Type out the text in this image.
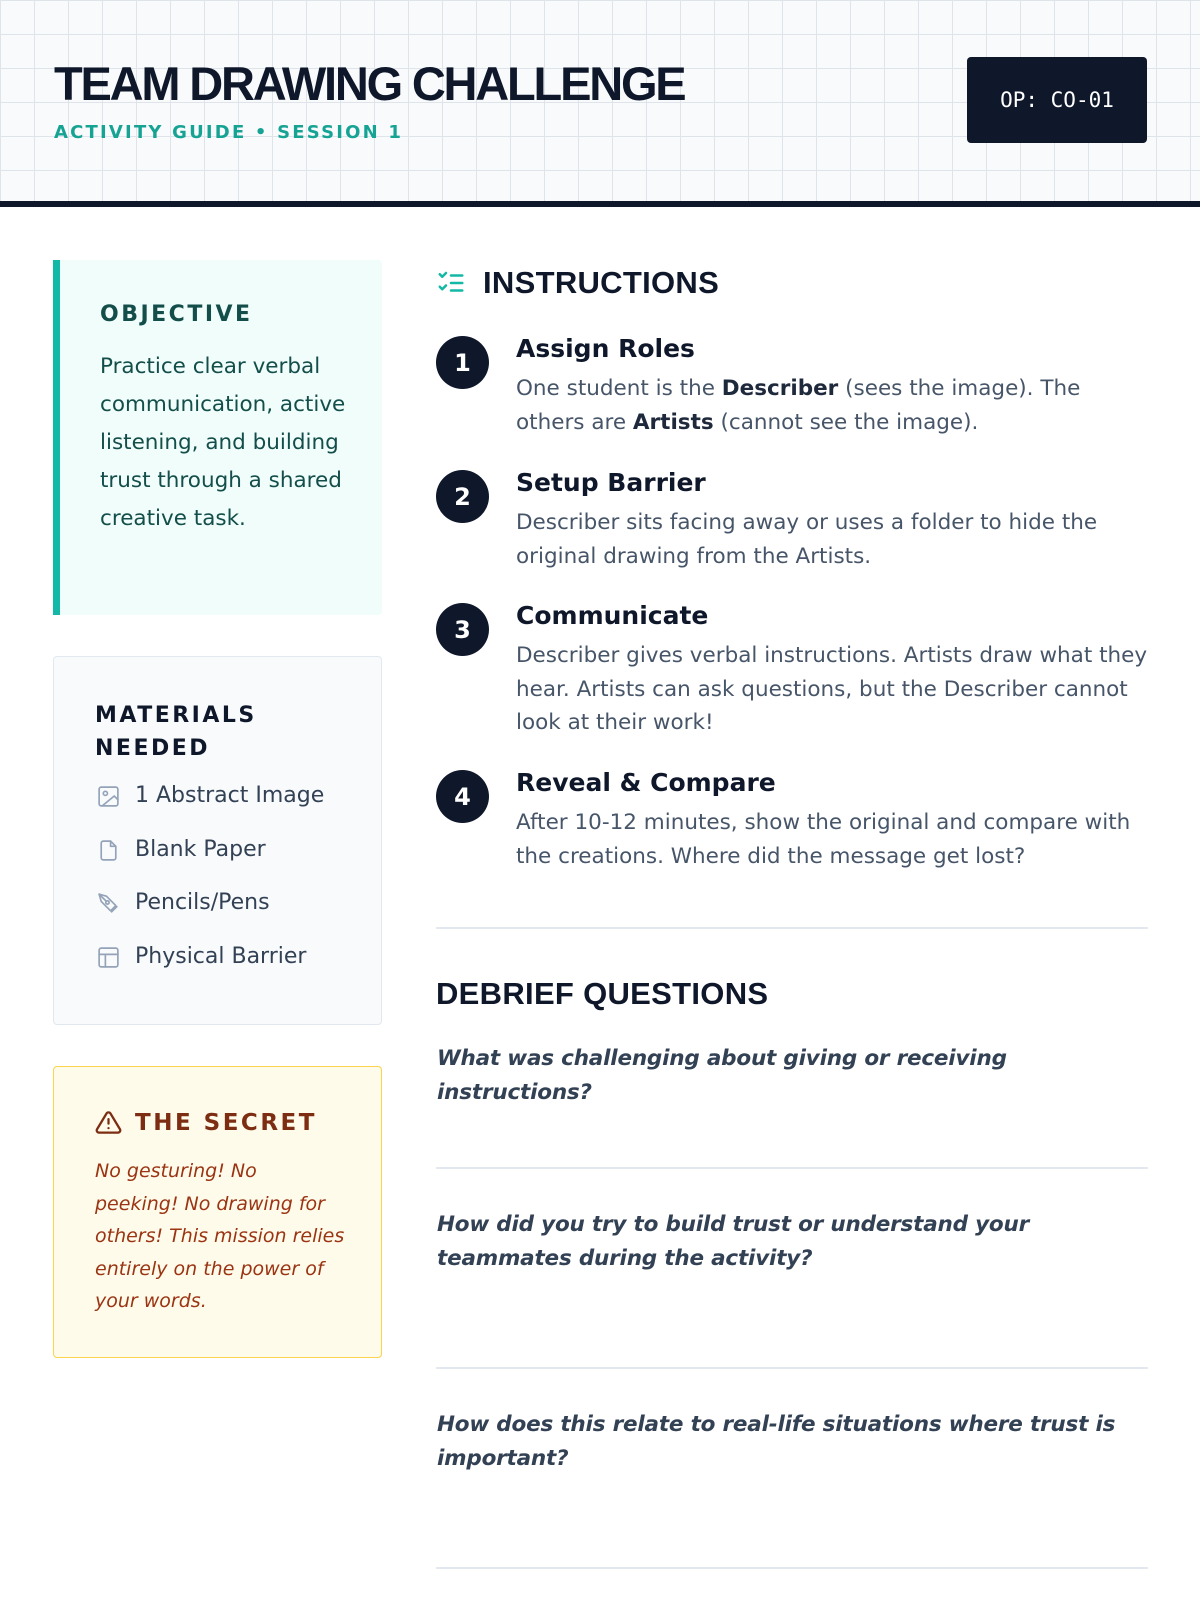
TEAM DRAWING CHALLENGE
ACTIVITY GUIDE • SESSION 1
OP: CO-01
OBJECTIVE

Practice clear verbal communication, active listening, and building trust through a shared creative task.

MATERIALS NEEDED
1 Abstract Image
Blank Paper
Pencils/Pens
Physical Barrier
THE SECRET

No gesturing! No peeking! No drawing for others! This mission relies entirely on the power of your words.

INSTRUCTIONS
1	Assign Roles
One student is the Describer (sees the image). The others are Artists (cannot see the image).
2	Setup Barrier
Describer sits facing away or uses a folder to hide the original drawing from the Artists.
3	Communicate
Describer gives verbal instructions. Artists draw what they hear. Artists can ask questions, but the Describer cannot look at their work!
4	Reveal & Compare
After 10-12 minutes, show the original and compare with the creations. Where did the message get lost?
DEBRIEF QUESTIONS
What was challenging about giving or receiving instructions?
How did you try to build trust or understand your teammates during the activity?
How does this relate to real-life situations where trust is important?
